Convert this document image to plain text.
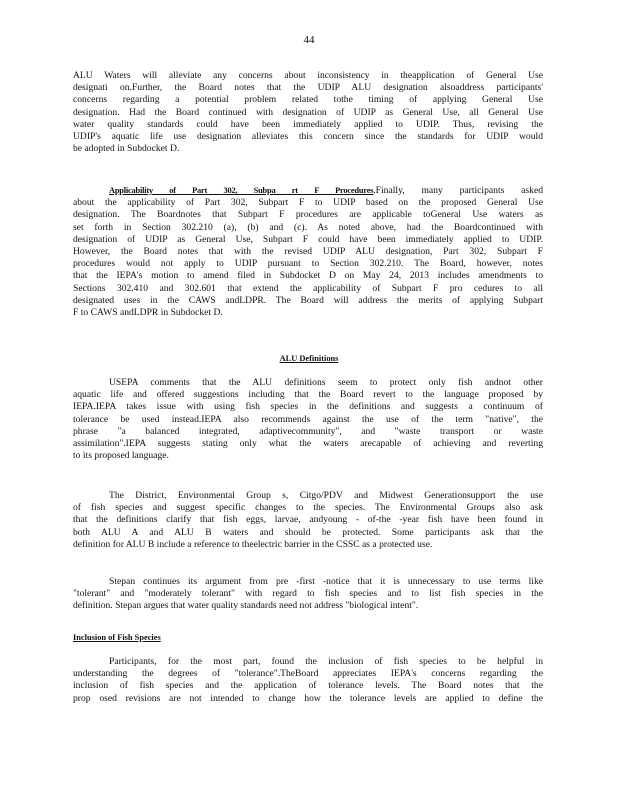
44
ALU Waters will alleviate any concerns about inconsistency in theapplication of General Use
designati on.Further, the Board notes that the UDIP ALU designation alsoaddress participants'
concerns regarding a potential problem related tothe timing of applying General Use
designation. Had the Board continued with designation of UDIP as General Use, all General Use
water quality standards could have been immediately applied to UDIP. Thus, revising the
UDIP's aquatic life use designation alleviates this concern since the standards for UDIP would
be adopted in Subdocket D.
Applicability of Part 302, Subpa rt F Procedures.Finally, many participants asked
about the applicability of Part 302, Subpart F to UDIP based on the proposed General Use
designation. The Boardnotes that Subpart F procedures are applicable toGeneral Use waters as
set forth in Section 302.210 (a), (b) and (c). As noted above, had the Boardcontinued with
designation of UDIP as General Use, Subpart F could have been immediately applied to UDIP.
However, the Board notes that with the revised UDIP ALU designation, Part 302, Subpart F
procedures would not apply to UDIP pursuant to Section 302.210. The Board, however, notes
that the IEPA's motion to amend filed in Subdocket D on May 24, 2013 includes amendments to
Sections 302.410 and 302.601 that extend the applicability of Subpart F pro cedures to all
designated uses in the CAWS andLDPR. The Board will address the merits of applying Subpart
F to CAWS andLDPR in Subdocket D.
ALU Definitions
USEPA comments that the ALU definitions seem to protect only fish andnot other
aquatic life and offered suggestions including that the Board revert to the language proposed by
IEPA.IEPA takes issue with using fish species in the definitions and suggests a continuum of
tolerance be used instead.IEPA also recommends against the use of the term "native", the
phrase "a balanced integrated, adaptivecommunity", and "waste transport or waste
assimilation".IEPA suggests stating only what the waters arecapable of achieving and reverting
to its proposed language.
The District, Environmental Group s, Citgo/PDV and Midwest Generationsupport the use
of fish species and suggest specific changes to the species. The Environmental Groups also ask
that the definitions clarify that fish eggs, larvae, andyoung - of-the -year fish have been found in
both ALU A and ALU B waters and should be protected. Some participants ask that the
definition for ALU B include a reference to theelectric barrier in the CSSC as a protected use.
Stepan continues its argument from pre -first -notice that it is unnecessary to use terms like
"tolerant" and "moderately tolerant" with regard to fish species and to list fish species in the
definition. Stepan argues that water quality standards need not address "biological intent".
Inclusion of Fish Species
Participants, for the most part, found the inclusion of fish species to be helpful in
understanding the degrees of "tolerance".TheBoard appreciates IEPA's concerns regarding the
inclusion of fish species and the application of tolerance levels. The Board notes that the
prop osed revisions are not intended to change how the tolerance levels are applied to define the
